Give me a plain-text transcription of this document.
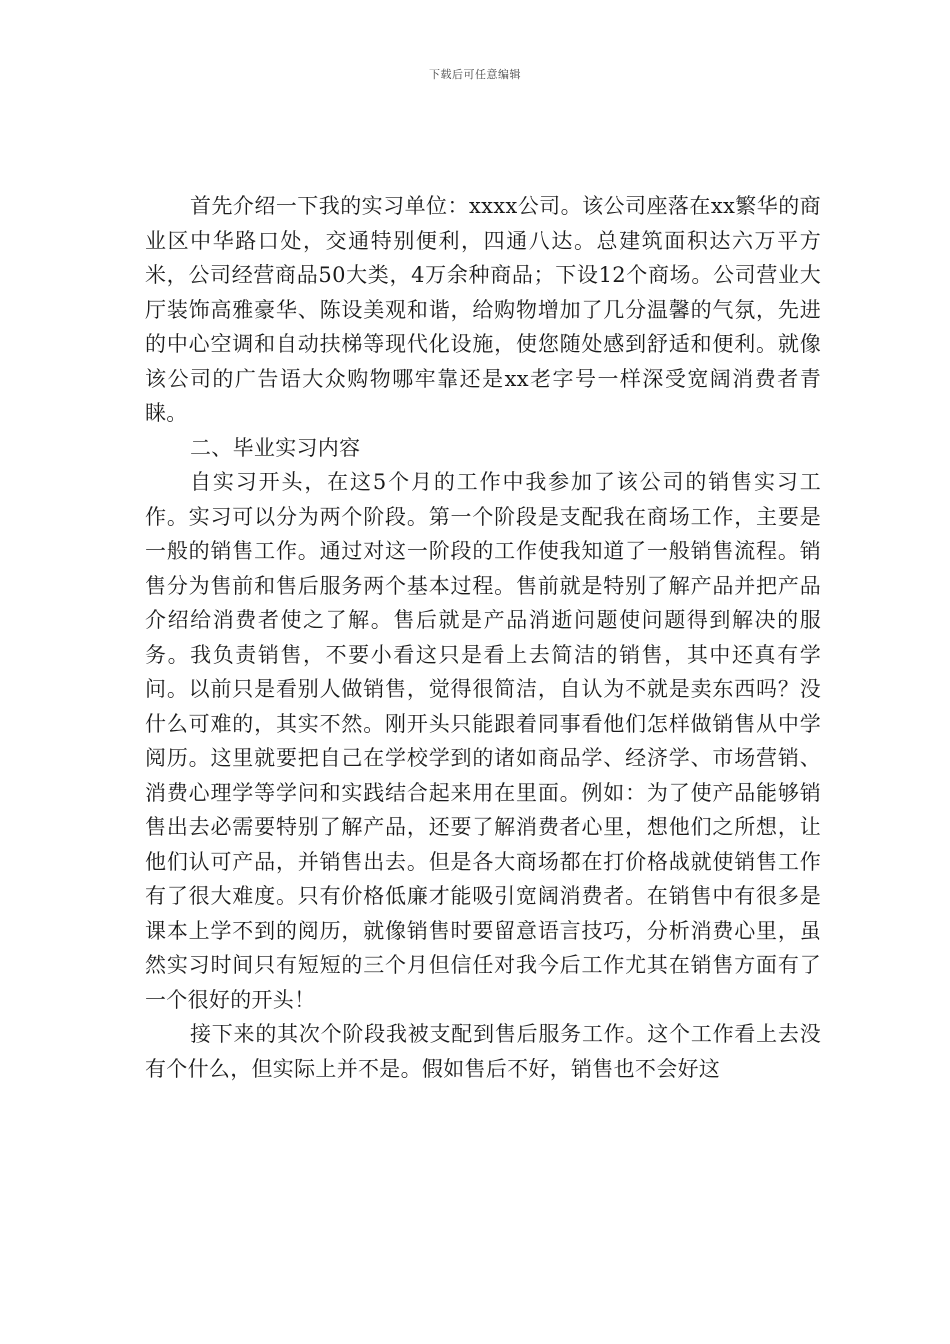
下载后可任意编辑

首先介绍一下我的实习单位：xxxx公司。该公司座落在xx繁华的商业区中华路口处，交通特别便利，四通八达。总建筑面积达六万平方米，公司经营商品50大类，4万余种商品；下设12个商场。公司营业大厅装饰高雅豪华、陈设美观和谐，给购物增加了几分温馨的气氛，先进的中心空调和自动扶梯等现代化设施，使您随处感到舒适和便利。就像该公司的广告语大众购物哪牢靠还是xx老字号一样深受宽阔消费者青睐。

二、毕业实习内容

自实习开头，在这5个月的工作中我参加了该公司的销售实习工作。实习可以分为两个阶段。第一个阶段是支配我在商场工作，主要是一般的销售工作。通过对这一阶段的工作使我知道了一般销售流程。销售分为售前和售后服务两个基本过程。售前就是特别了解产品并把产品介绍给消费者使之了解。售后就是产品消逝问题使问题得到解决的服务。我负责销售，不要小看这只是看上去简洁的销售，其中还真有学问。以前只是看别人做销售，觉得很简洁，自认为不就是卖东西吗？没什么可难的，其实不然。刚开头只能跟着同事看他们怎样做销售从中学阅历。这里就要把自己在学校学到的诸如商品学、经济学、市场营销、消费心理学等学问和实践结合起来用在里面。例如：为了使产品能够销售出去必需要特别了解产品，还要了解消费者心里，想他们之所想，让他们认可产品，并销售出去。但是各大商场都在打价格战就使销售工作有了很大难度。只有价格低廉才能吸引宽阔消费者。在销售中有很多是课本上学不到的阅历，就像销售时要留意语言技巧，分析消费心里，虽然实习时间只有短短的三个月但信任对我今后工作尤其在销售方面有了一个很好的开头！

接下来的其次个阶段我被支配到售后服务工作。这个工作看上去没有个什么，但实际上并不是。假如售后不好，销售也不会好这
